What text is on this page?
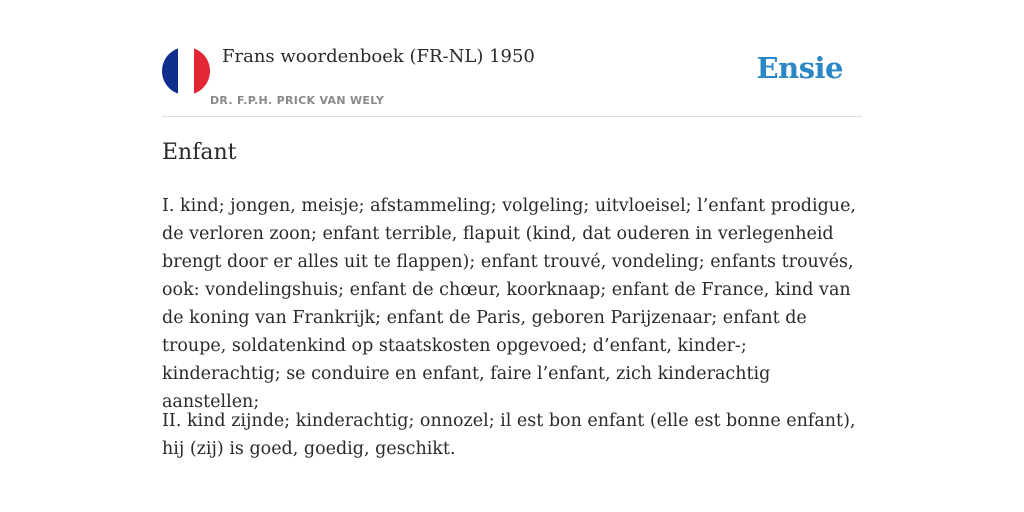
Frans woordenboek (FR-NL) 1950
DR. F.P.H. PRICK VAN WELY
Ensie
Enfant

I. kind; jongen, meisje; afstammeling; volgeling; uitvloeisel; l’enfant prodigue, de verloren zoon; enfant terrible, flapuit (kind, dat ouderen in verlegenheid brengt door er alles uit te flappen); enfant trouvé, vondeling; enfants trouvés, ook: vondelingshuis; enfant de chœur, koorknaap; enfant de France, kind van de koning van Frankrijk; enfant de Paris, geboren Parijzenaar; enfant de troupe, soldatenkind op staatskosten opgevoed; d’enfant, kinder-; kinderachtig; se conduire en enfant, faire l’enfant, zich kinderachtig aanstellen;

II. kind zijnde; kinderachtig; onnozel; il est bon enfant (elle est bonne enfant), hij (zij) is goed, goedig, geschikt.
